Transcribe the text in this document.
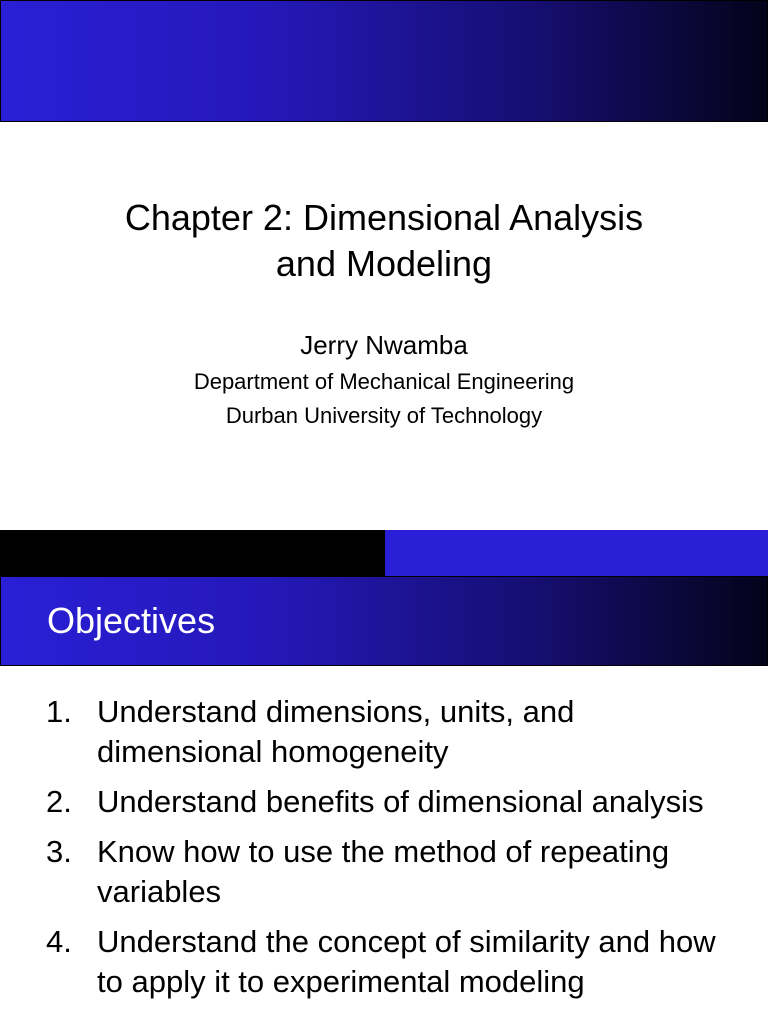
Chapter 2: Dimensional Analysis
and Modeling
Jerry Nwamba
Department of Mechanical Engineering
Durban University of Technology
Objectives
1. Understand dimensions, units, and dimensional homogeneity
2. Understand benefits of dimensional analysis
3. Know how to use the method of repeating variables
4. Understand the concept of similarity and how to apply it to experimental modeling
